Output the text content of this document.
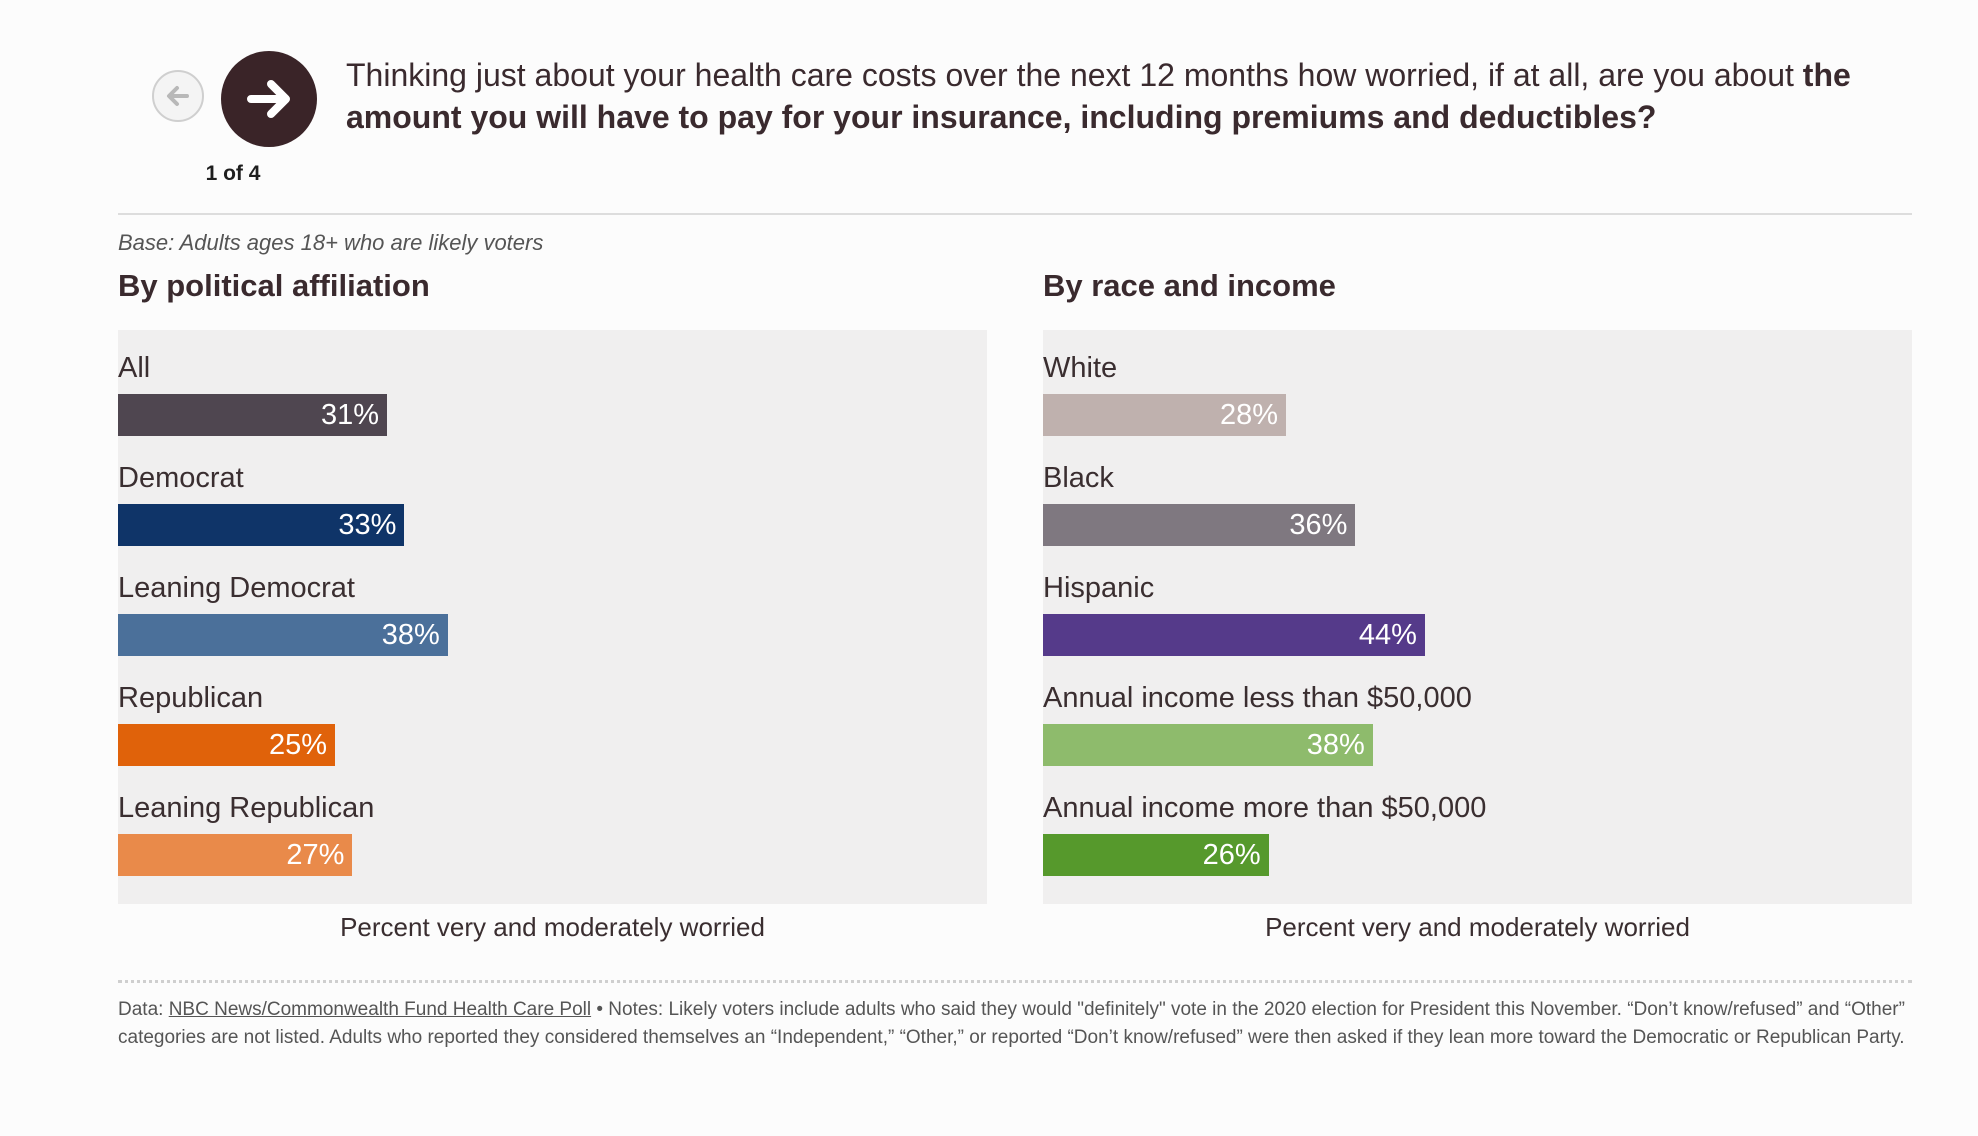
1 of 4
Thinking just about your health care costs over the next 12 months how worried, if at all, are you about the amount you will have to pay for your insurance, including premiums and deductibles?
Base: Adults ages 18+ who are likely voters
By political affiliation	By race and income
All
31%
Democrat
33%
Leaning Democrat
38%
Republican
25%
Leaning Republican
27%
White
28%
Black
36%
Hispanic
44%
Annual income less than $50,000
38%
Annual income more than $50,000
26%
Percent very and moderately worried	Percent very and moderately worried
Data: NBC News/Commonwealth Fund Health Care Poll • Notes: Likely voters include adults who said they would "definitely" vote in the 2020 election for President this November. “Don’t know/refused” and “Other” categories are not listed. Adults who reported they considered themselves an “Independent,” “Other,” or reported “Don’t know/refused” were then asked if they lean more toward the Democratic or Republican Party.
